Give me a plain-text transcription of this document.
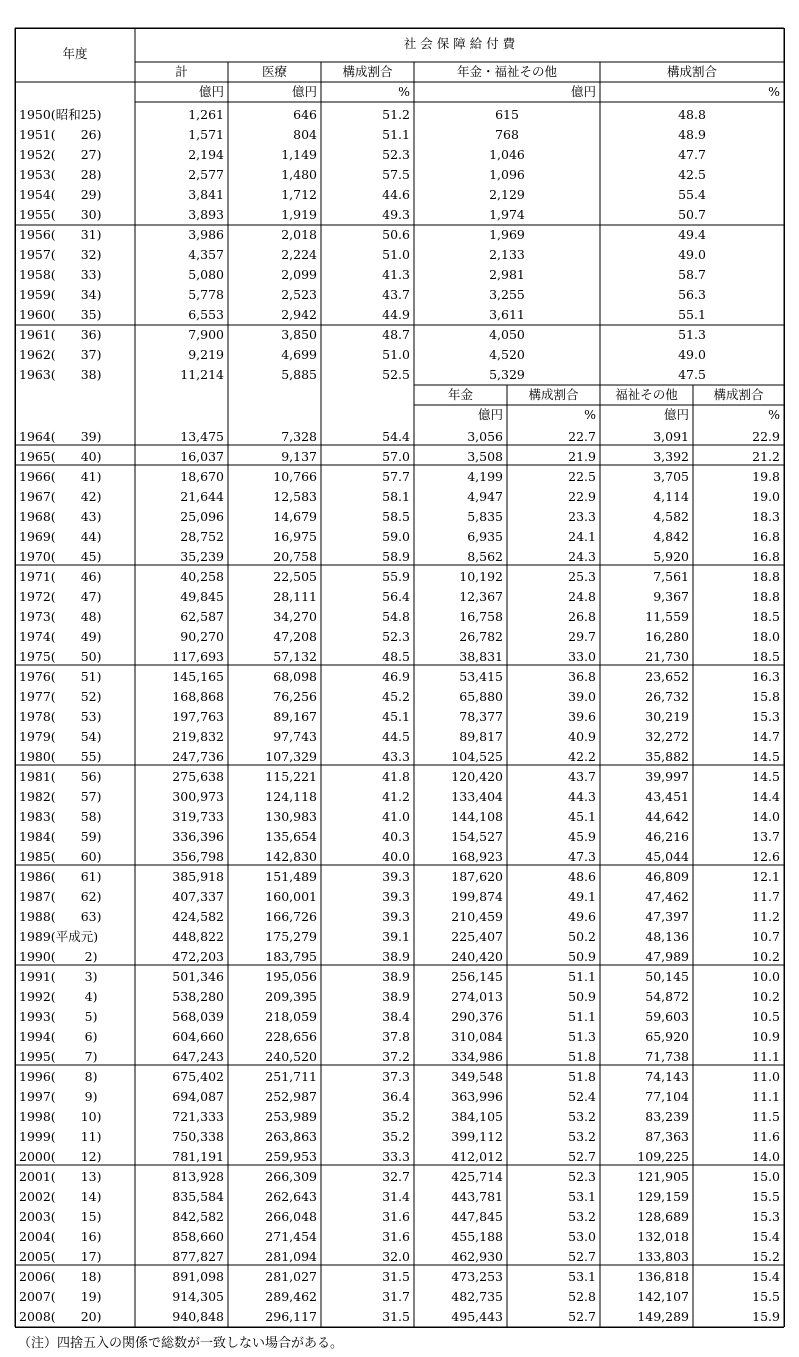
年度
社 会 保 障 給 付 費
計	医療	構成割合	年金・福祉その他	構成割合
億円	億円	%	億円	%
1950(昭和25)	1,261	646	51.2	615	48.8
1951(　　26)	1,571	804	51.1	768	48.9
1952(　　27)	2,194	1,149	52.3	1,046	47.7
1953(　　28)	2,577	1,480	57.5	1,096	42.5
1954(　　29)	3,841	1,712	44.6	2,129	55.4
1955(　　30)	3,893	1,919	49.3	1,974	50.7
1956(　　31)	3,986	2,018	50.6	1,969	49.4
1957(　　32)	4,357	2,224	51.0	2,133	49.0
1958(　　33)	5,080	2,099	41.3	2,981	58.7
1959(　　34)	5,778	2,523	43.7	3,255	56.3
1960(　　35)	6,553	2,942	44.9	3,611	55.1
1961(　　36)	7,900	3,850	48.7	4,050	51.3
1962(　　37)	9,219	4,699	51.0	4,520	49.0
1963(　　38)	11,214	5,885	52.5	5,329	47.5
年金	構成割合	福祉その他	構成割合
億円	%	億円	%
1964(　　39)	13,475	7,328	54.4	3,056	22.7	3,091	22.9
1965(　　40)	16,037	9,137	57.0	3,508	21.9	3,392	21.2
1966(　　41)	18,670	10,766	57.7	4,199	22.5	3,705	19.8
1967(　　42)	21,644	12,583	58.1	4,947	22.9	4,114	19.0
1968(　　43)	25,096	14,679	58.5	5,835	23.3	4,582	18.3
1969(　　44)	28,752	16,975	59.0	6,935	24.1	4,842	16.8
1970(　　45)	35,239	20,758	58.9	8,562	24.3	5,920	16.8
1971(　　46)	40,258	22,505	55.9	10,192	25.3	7,561	18.8
1972(　　47)	49,845	28,111	56.4	12,367	24.8	9,367	18.8
1973(　　48)	62,587	34,270	54.8	16,758	26.8	11,559	18.5
1974(　　49)	90,270	47,208	52.3	26,782	29.7	16,280	18.0
1975(　　50)	117,693	57,132	48.5	38,831	33.0	21,730	18.5
1976(　　51)	145,165	68,098	46.9	53,415	36.8	23,652	16.3
1977(　　52)	168,868	76,256	45.2	65,880	39.0	26,732	15.8
1978(　　53)	197,763	89,167	45.1	78,377	39.6	30,219	15.3
1979(　　54)	219,832	97,743	44.5	89,817	40.9	32,272	14.7
1980(　　55)	247,736	107,329	43.3	104,525	42.2	35,882	14.5
1981(　　56)	275,638	115,221	41.8	120,420	43.7	39,997	14.5
1982(　　57)	300,973	124,118	41.2	133,404	44.3	43,451	14.4
1983(　　58)	319,733	130,983	41.0	144,108	45.1	44,642	14.0
1984(　　59)	336,396	135,654	40.3	154,527	45.9	46,216	13.7
1985(　　60)	356,798	142,830	40.0	168,923	47.3	45,044	12.6
1986(　　61)	385,918	151,489	39.3	187,620	48.6	46,809	12.1
1987(　　62)	407,337	160,001	39.3	199,874	49.1	47,462	11.7
1988(　　63)	424,582	166,726	39.3	210,459	49.6	47,397	11.2
1989(平成元)	448,822	175,279	39.1	225,407	50.2	48,136	10.7
1990(　　 2)	472,203	183,795	38.9	240,420	50.9	47,989	10.2
1991(　　 3)	501,346	195,056	38.9	256,145	51.1	50,145	10.0
1992(　　 4)	538,280	209,395	38.9	274,013	50.9	54,872	10.2
1993(　　 5)	568,039	218,059	38.4	290,376	51.1	59,603	10.5
1994(　　 6)	604,660	228,656	37.8	310,084	51.3	65,920	10.9
1995(　　 7)	647,243	240,520	37.2	334,986	51.8	71,738	11.1
1996(　　 8)	675,402	251,711	37.3	349,548	51.8	74,143	11.0
1997(　　 9)	694,087	252,987	36.4	363,996	52.4	77,104	11.1
1998(　　10)	721,333	253,989	35.2	384,105	53.2	83,239	11.5
1999(　　11)	750,338	263,863	35.2	399,112	53.2	87,363	11.6
2000(　　12)	781,191	259,953	33.3	412,012	52.7	109,225	14.0
2001(　　13)	813,928	266,309	32.7	425,714	52.3	121,905	15.0
2002(　　14)	835,584	262,643	31.4	443,781	53.1	129,159	15.5
2003(　　15)	842,582	266,048	31.6	447,845	53.2	128,689	15.3
2004(　　16)	858,660	271,454	31.6	455,188	53.0	132,018	15.4
2005(　　17)	877,827	281,094	32.0	462,930	52.7	133,803	15.2
2006(　　18)	891,098	281,027	31.5	473,253	53.1	136,818	15.4
2007(　　19)	914,305	289,462	31.7	482,735	52.8	142,107	15.5
2008(　　20)	940,848	296,117	31.5	495,443	52.7	149,289	15.9
（注）四捨五入の関係で総数が一致しない場合がある。
